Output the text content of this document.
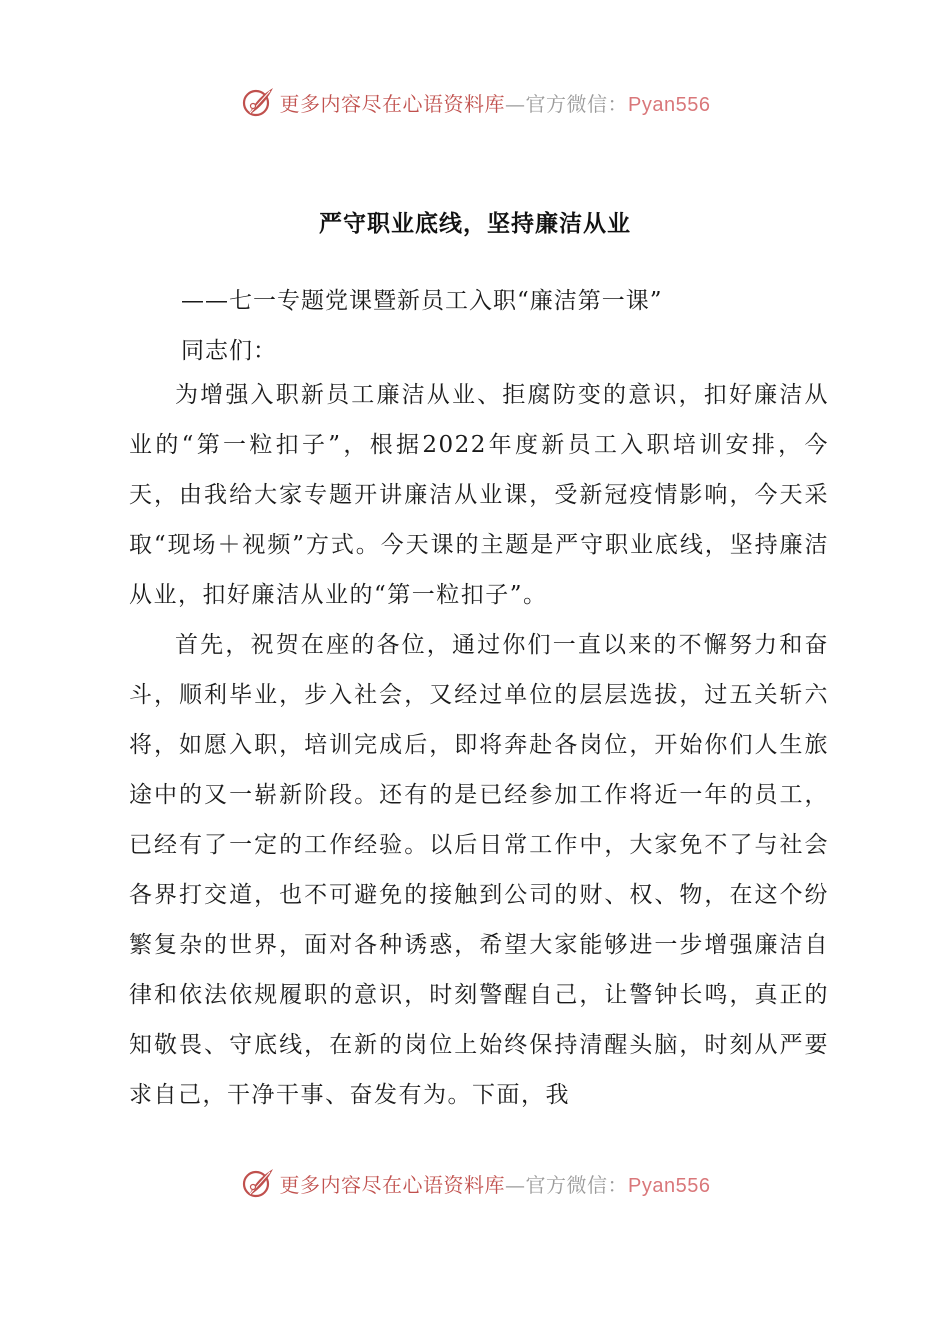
更多内容尽在心语资料库—官方微信：Pyan556
严守职业底线，坚持廉洁从业
——七一专题党课暨新员工入职“廉洁第一课”
同志们：

为增强入职新员工廉洁从业、拒腐防变的意识，扣好廉洁从业的“第一粒扣子”，根据2022年度新员工入职培训安排，今天，由我给大家专题开讲廉洁从业课，受新冠疫情影响，今天采取“现场＋视频”方式。今天课的主题是严守职业底线，坚持廉洁从业，扣好廉洁从业的“第一粒扣子”。

首先，祝贺在座的各位，通过你们一直以来的不懈努力和奋斗，顺利毕业，步入社会，又经过单位的层层选拔，过五关斩六将，如愿入职，培训完成后，即将奔赴各岗位，开始你们人生旅途中的又一崭新阶段。还有的是已经参加工作将近一年的员工，已经有了一定的工作经验。以后日常工作中，大家免不了与社会各界打交道，也不可避免的接触到公司的财、权、物，在这个纷繁复杂的世界，面对各种诱惑，希望大家能够进一步增强廉洁自律和依法依规履职的意识，时刻警醒自己，让警钟长鸣，真正的知敬畏、守底线，在新的岗位上始终保持清醒头脑，时刻从严要求自己，干净干事、奋发有为。下面，我

更多内容尽在心语资料库—官方微信：Pyan556
